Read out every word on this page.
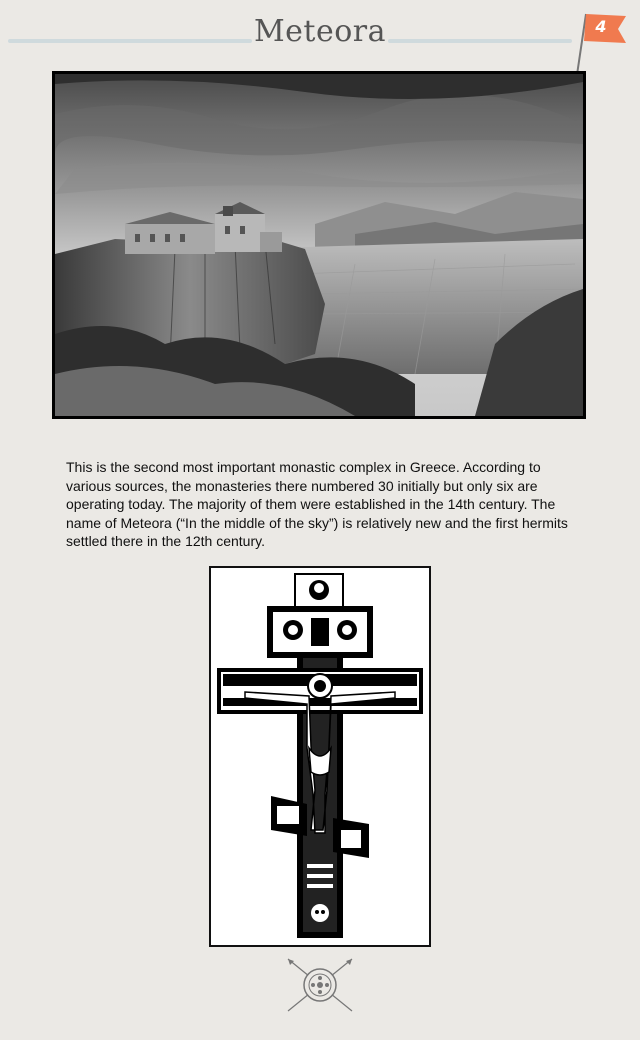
Meteora	4

This is the second most important monastic complex in Greece. According to various sources, the monasteries there numbered 30 initially but only six are operating today. The majority of them were established in the 14th century. The name of Meteora (“In the middle of the sky”) is relatively new and the first hermits settled there in the 12th century.
